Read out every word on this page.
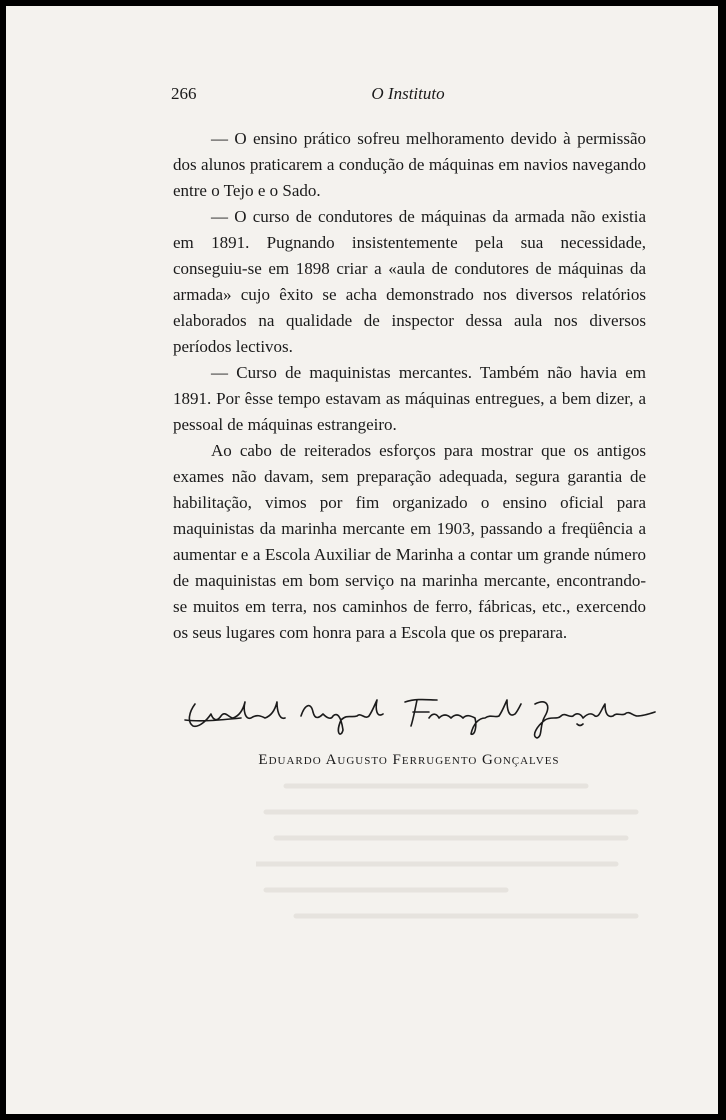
266	O Instituto

— O ensino prático sofreu melhoramento devido à permissão dos alunos praticarem a condução de máquinas em navios navegando entre o Tejo e o Sado.

— O curso de condutores de máquinas da armada não existia em 1891. Pugnando insistentemente pela sua necessidade, conseguiu-se em 1898 criar a «aula de condutores de máquinas da armada» cujo êxito se acha demonstrado nos diversos relatórios elaborados na qualidade de inspector dessa aula nos diversos períodos lectivos.

— Curso de maquinistas mercantes. Também não havia em 1891. Por êsse tempo estavam as máquinas entregues, a bem dizer, a pessoal de máquinas estrangeiro.

Ao cabo de reiterados esforços para mostrar que os antigos exames não davam, sem preparação adequada, segura garantia de habilitação, vimos por fim organizado o ensino oficial para maquinistas da marinha mercante em 1903, passando a freqüência a aumentar e a Escola Auxiliar de Marinha a contar um grande número de maquinistas em bom serviço na marinha mercante, encontrando-se muitos em terra, nos caminhos de ferro, fábricas, etc., exercendo os seus lugares com honra para a Escola que os preparara.

Eduardo Augusto Ferrugento Gonçalves
